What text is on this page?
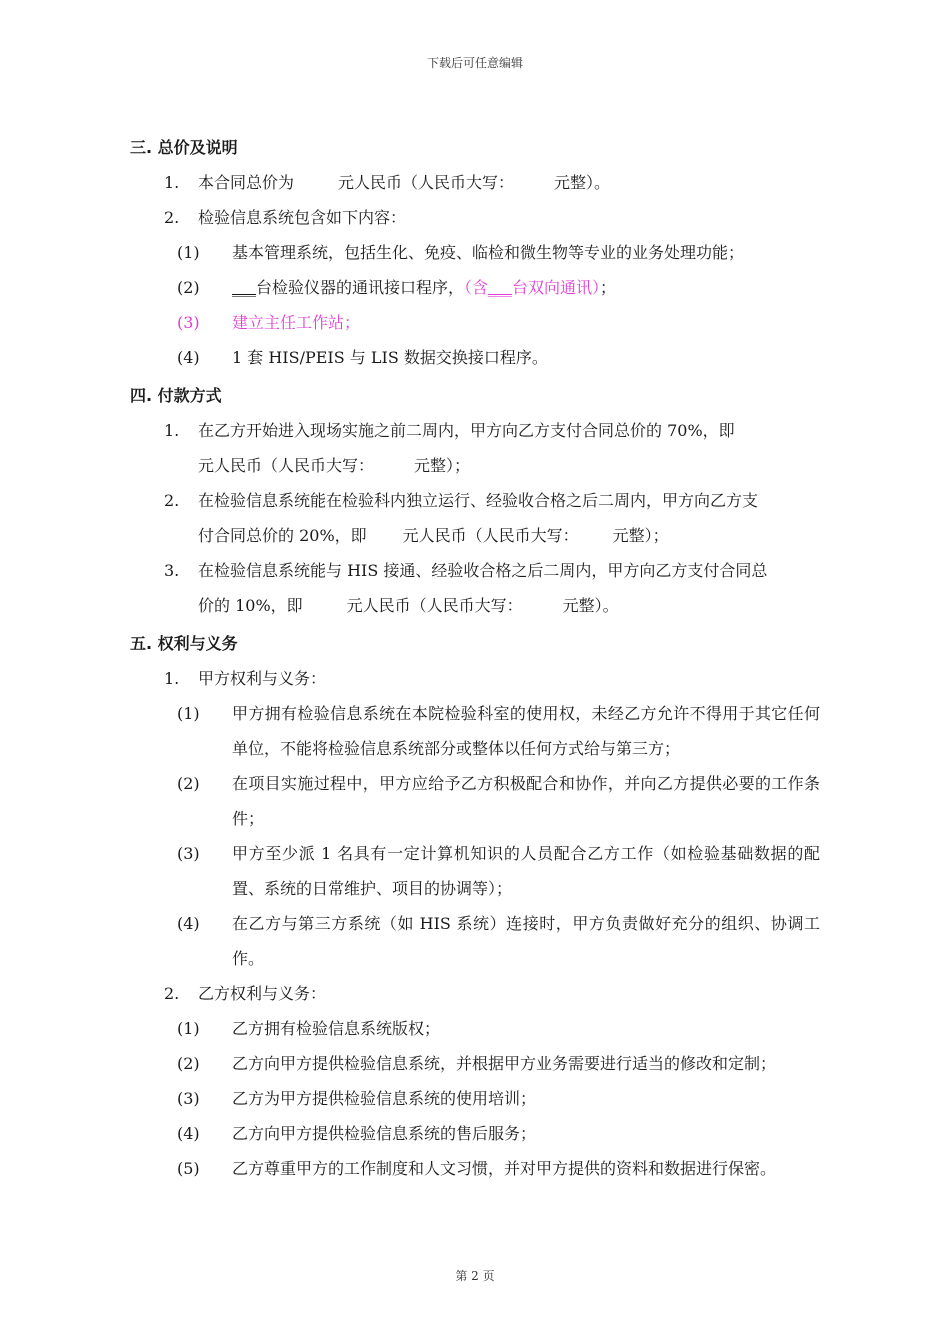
下载后可任意编辑
三. 总价及说明
1. 本合同总价为	元人民币（人民币大写：	元整）。
2. 检验信息系统包含如下内容：
(1) 基本管理系统，包括生化、免疫、临检和微生物等专业的业务处理功能；
(2) ___台检验仪器的通讯接口程序，（含___台双向通讯）；
(3) 建立主任工作站；
(4) 1 套 HIS/PEIS 与 LIS 数据交换接口程序。
四. 付款方式
1. 在乙方开始进入现场实施之前二周内，甲方向乙方支付合同总价的 70%，即
元人民币（人民币大写：	元整）；
2. 在检验信息系统能在检验科内独立运行、经验收合格之后二周内，甲方向乙方支
付合同总价的 20%，即 元人民币（人民币大写： 元整）；
3. 在检验信息系统能与 HIS 接通、经验收合格之后二周内，甲方向乙方支付合同总
价的 10%，即	元人民币（人民币大写：	元整）。
五. 权利与义务
1. 甲方权利与义务：
(1) 甲方拥有检验信息系统在本院检验科室的使用权，未经乙方允许不得用于其它任何单位，不能将检验信息系统部分或整体以任何方式给与第三方；
(2) 在项目实施过程中，甲方应给予乙方积极配合和协作，并向乙方提供必要的工作条件；
(3) 甲方至少派 1 名具有一定计算机知识的人员配合乙方工作（如检验基础数据的配置、系统的日常维护、项目的协调等）；
(4) 在乙方与第三方系统（如 HIS 系统）连接时，甲方负责做好充分的组织、协调工作。
2. 乙方权利与义务：
(1) 乙方拥有检验信息系统版权；
(2) 乙方向甲方提供检验信息系统，并根据甲方业务需要进行适当的修改和定制；
(3) 乙方为甲方提供检验信息系统的使用培训；
(4) 乙方向甲方提供检验信息系统的售后服务；
(5) 乙方尊重甲方的工作制度和人文习惯，并对甲方提供的资料和数据进行保密。
第 2 页
